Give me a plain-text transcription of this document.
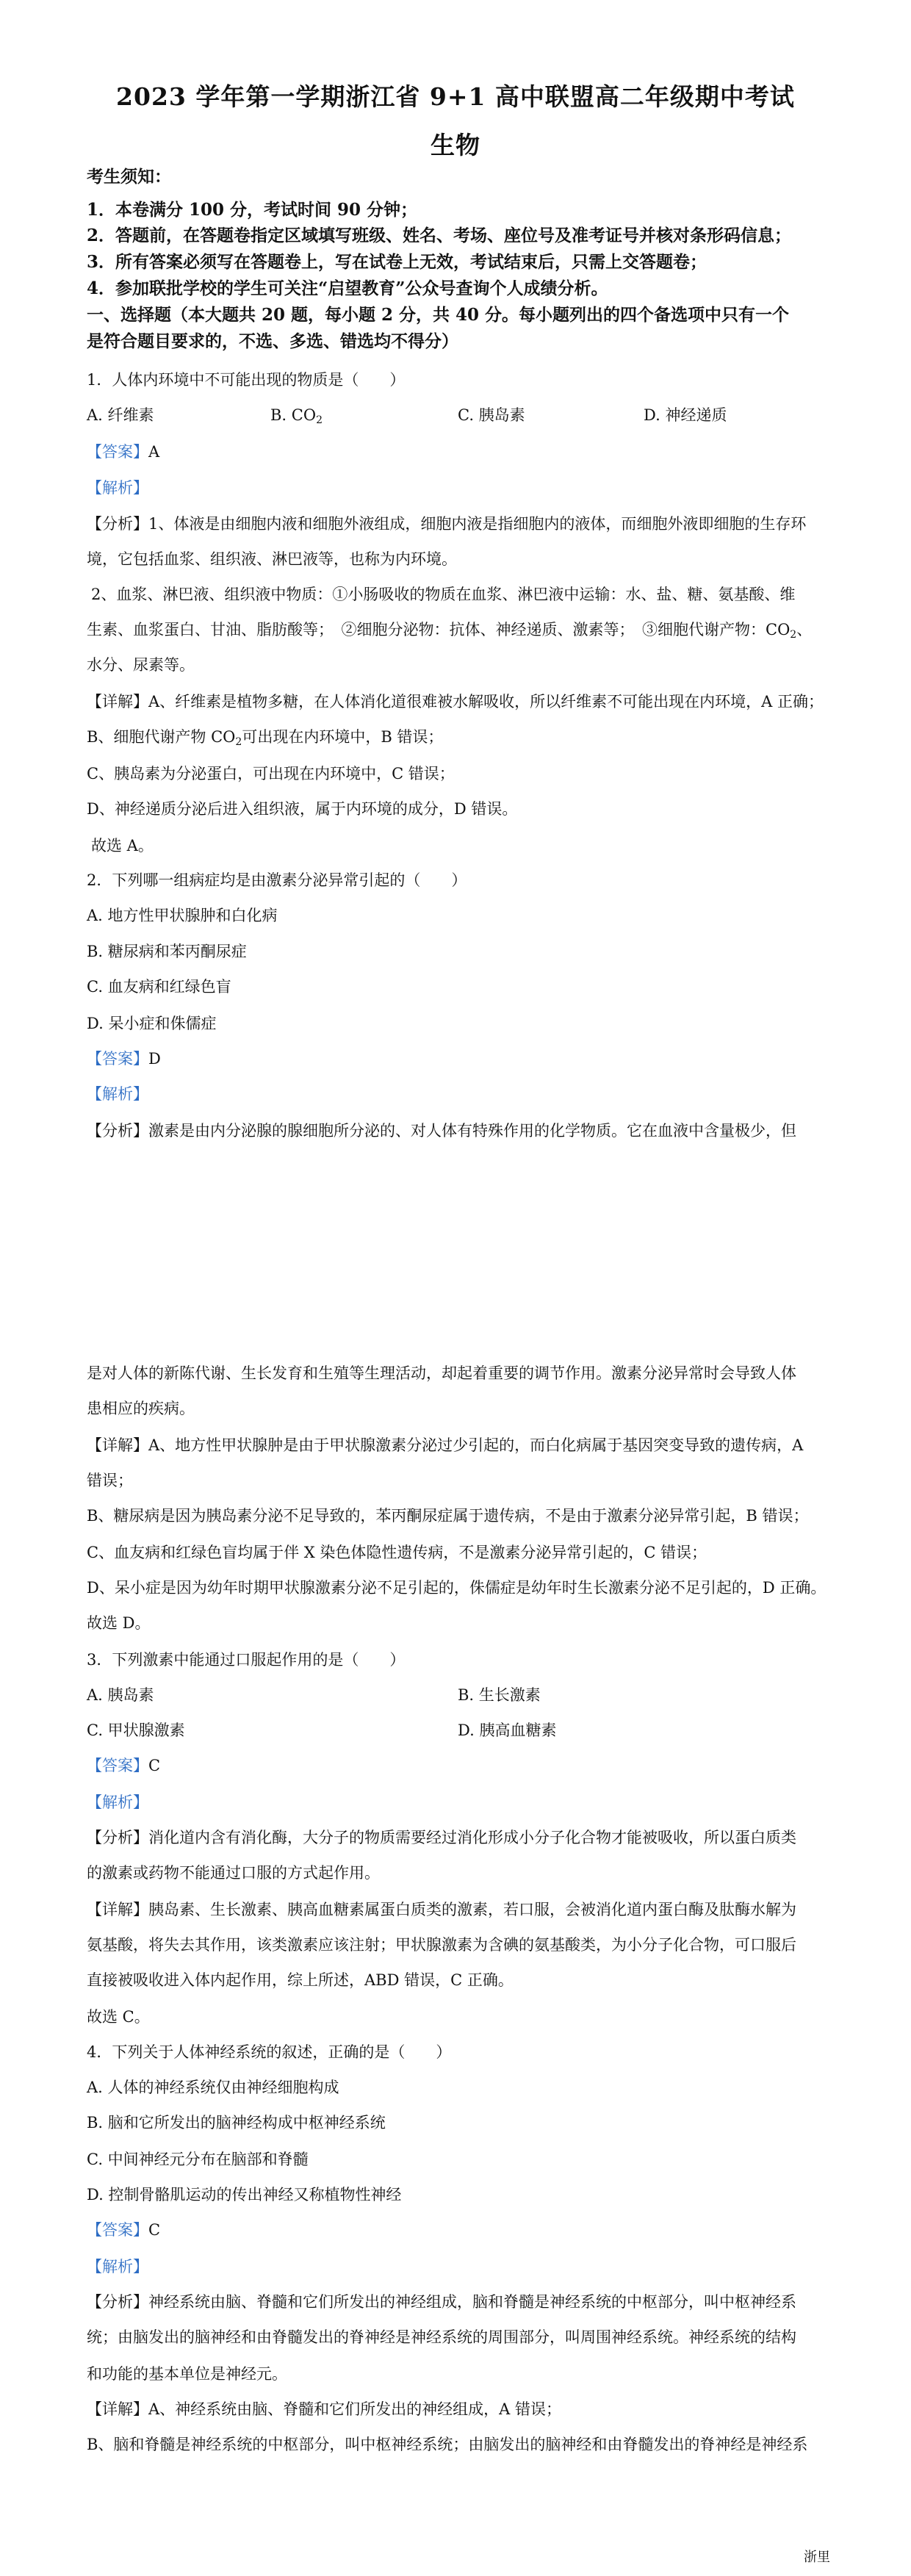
2023 学年第一学期浙江省 9+1 高中联盟高二年级期中考试
生物
考生须知：
1．本卷满分 100 分，考试时间 90 分钟；
2．答题前，在答题卷指定区域填写班级、姓名、考场、座位号及准考证号并核对条形码信息；
3．所有答案必须写在答题卷上，写在试卷上无效，考试结束后，只需上交答题卷；
4．参加联批学校的学生可关注“启望教育”公众号查询个人成绩分析。
一、选择题（本大题共 20 题，每小题 2 分，共 40 分。每小题列出的四个备选项中只有一个
是符合题目要求的，不选、多选、错选均不得分）
1．人体内环境中不可能出现的物质是（　　）
A. 纤维素	B. $CO_2$	C. 胰岛素	D. 神经递质
【答案】A
【解析】
【分析】1、体液是由细胞内液和细胞外液组成，细胞内液是指细胞内的液体，而细胞外液即细胞的生存环
境，它包括血浆、组织液、淋巴液等，也称为内环境。
2、血浆、淋巴液、组织液中物质：①小肠吸收的物质在血浆、淋巴液中运输：水、盐、糖、氨基酸、维
生素、血浆蛋白、甘油、脂肪酸等；　②细胞分泌物：抗体、神经递质、激素等；　③细胞代谢产物：$CO_2$、
水分、尿素等。
【详解】A、纤维素是植物多糖，在人体消化道很难被水解吸收，所以纤维素不可能出现在内环境，A 正确；
B、细胞代谢产物 $CO_2$可出现在内环境中，B 错误；
C、胰岛素为分泌蛋白，可出现在内环境中，C 错误；
D、神经递质分泌后进入组织液，属于内环境的成分，D 错误。
故选 A。
2．下列哪一组病症均是由激素分泌异常引起的（　　）
A. 地方性甲状腺肿和白化病
B. 糖尿病和苯丙酮尿症
C. 血友病和红绿色盲
D. 呆小症和侏儒症
【答案】D
【解析】
【分析】激素是由内分泌腺的腺细胞所分泌的、对人体有特殊作用的化学物质。它在血液中含量极少，但
是对人体的新陈代谢、生长发育和生殖等生理活动，却起着重要的调节作用。激素分泌异常时会导致人体
患相应的疾病。
【详解】A、地方性甲状腺肿是由于甲状腺激素分泌过少引起的，而白化病属于基因突变导致的遗传病，A
错误；
B、糖尿病是因为胰岛素分泌不足导致的，苯丙酮尿症属于遗传病，不是由于激素分泌异常引起，B 错误；
C、血友病和红绿色盲均属于伴 X 染色体隐性遗传病，不是激素分泌异常引起的，C 错误；
D、呆小症是因为幼年时期甲状腺激素分泌不足引起的，侏儒症是幼年时生长激素分泌不足引起的，D 正确。
故选 D。
3．下列激素中能通过口服起作用的是（　　）
A. 胰岛素	B. 生长激素
C. 甲状腺激素	D. 胰高血糖素
【答案】C
【解析】
【分析】消化道内含有消化酶，大分子的物质需要经过消化形成小分子化合物才能被吸收，所以蛋白质类
的激素或药物不能通过口服的方式起作用。
【详解】胰岛素、生长激素、胰高血糖素属蛋白质类的激素，若口服，会被消化道内蛋白酶及肽酶水解为
氨基酸，将失去其作用，该类激素应该注射；甲状腺激素为含碘的氨基酸类，为小分子化合物，可口服后
直接被吸收进入体内起作用，综上所述，ABD 错误，C 正确。
故选 C。
4．下列关于人体神经系统的叙述，正确的是（　　）
A. 人体的神经系统仅由神经细胞构成
B. 脑和它所发出的脑神经构成中枢神经系统
C. 中间神经元分布在脑部和脊髓
D. 控制骨骼肌运动的传出神经又称植物性神经
【答案】C
【解析】
【分析】神经系统由脑、脊髓和它们所发出的神经组成，脑和脊髓是神经系统的中枢部分，叫中枢神经系
统；由脑发出的脑神经和由脊髓发出的脊神经是神经系统的周围部分，叫周围神经系统。神经系统的结构
和功能的基本单位是神经元。
【详解】A、神经系统由脑、脊髓和它们所发出的神经组成，A 错误；
B、脑和脊髓是神经系统的中枢部分，叫中枢神经系统；由脑发出的脑神经和由脊髓发出的脊神经是神经系
浙里
